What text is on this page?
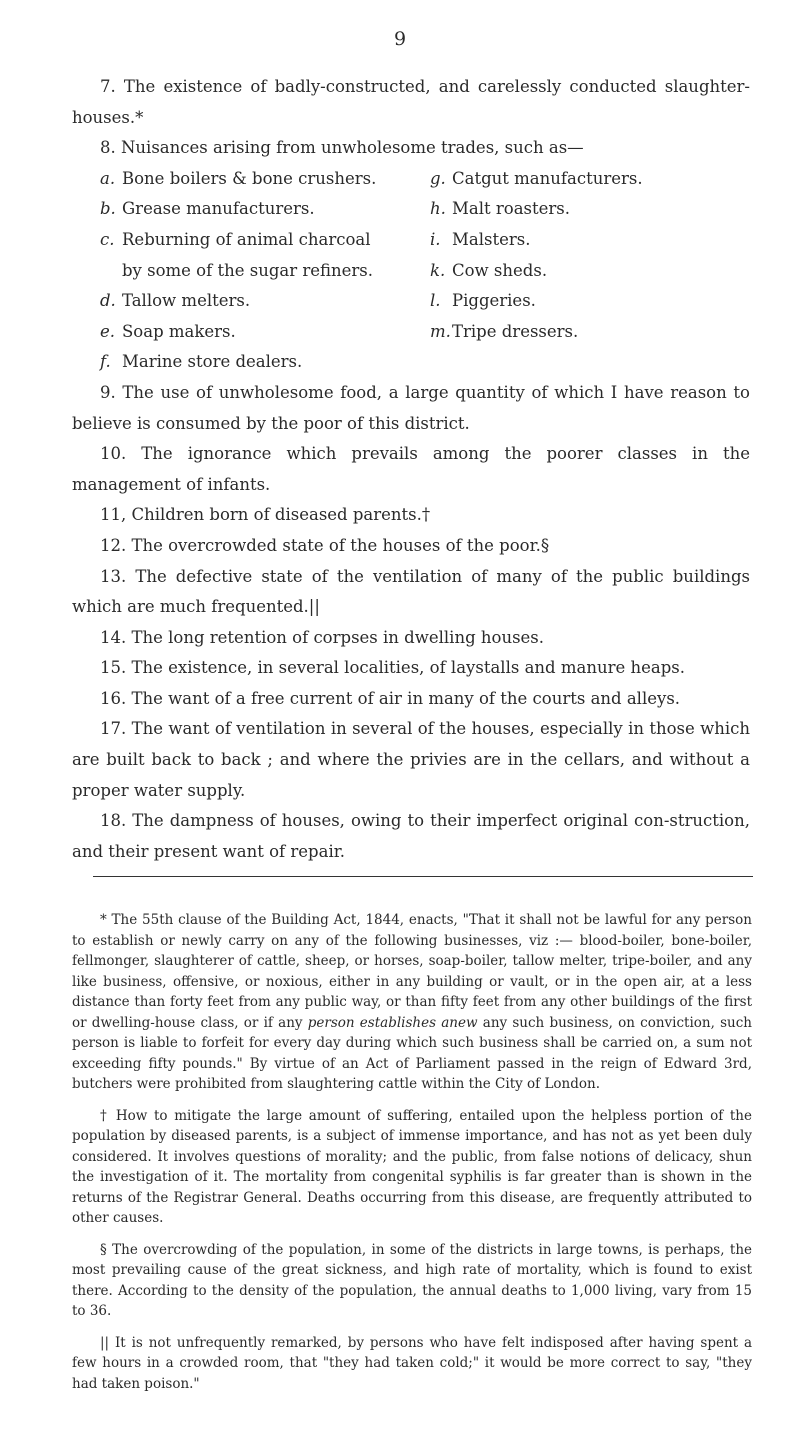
9

7. The existence of badly-constructed, and carelessly conducted slaughter-houses.*

8. Nuisances arising from unwholesome trades, such as—

a. Bone boilers & bone crushers.	g. Catgut manufacturers.

b. Grease manufacturers.	h. Malt roasters.

c. Reburning of animal charcoal	i. Malsters.

by some of the sugar refiners.	k. Cow sheds.

d. Tallow melters.	l. Piggeries.

e. Soap makers.	m.Tripe dressers.

f. Marine store dealers.

9. The use of unwholesome food, a large quantity of which I have reason to believe is consumed by the poor of this district.

10. The ignorance which prevails among the poorer classes in the management of infants.

11, Children born of diseased parents.†

12. The overcrowded state of the houses of the poor.§

13. The defective state of the ventilation of many of the public buildings which are much frequented.||

14. The long retention of corpses in dwelling houses.

15. The existence, in several localities, of laystalls and manure heaps.

16. The want of a free current of air in many of the courts and alleys.

17. The want of ventilation in several of the houses, especially in those which are built back to back ; and where the privies are in the cellars, and without a proper water supply.

18. The dampness of houses, owing to their imperfect original con-struction, and their present want of repair.

* The 55th clause of the Building Act, 1844, enacts, "That it shall not be lawful for any person to establish or newly carry on any of the following businesses, viz :— blood-boiler, bone-boiler, fellmonger, slaughterer of cattle, sheep, or horses, soap-boiler, tallow melter, tripe-boiler, and any like business, offensive, or noxious, either in any building or vault, or in the open air, at a less distance than forty feet from any public way, or than fifty feet from any other buildings of the first or dwelling-house class, or if any person establishes anew any such business, on conviction, such person is liable to forfeit for every day during which such business shall be carried on, a sum not exceeding fifty pounds." By virtue of an Act of Parliament passed in the reign of Edward 3rd, butchers were prohibited from slaughtering cattle within the City of London.

† How to mitigate the large amount of suffering, entailed upon the helpless portion of the population by diseased parents, is a subject of immense importance, and has not as yet been duly considered. It involves questions of morality; and the public, from false notions of delicacy, shun the investigation of it. The mortality from congenital syphilis is far greater than is shown in the returns of the Registrar General. Deaths occurring from this disease, are frequently attributed to other causes.

§ The overcrowding of the population, in some of the districts in large towns, is perhaps, the most prevailing cause of the great sickness, and high rate of mortality, which is found to exist there. According to the density of the population, the annual deaths to 1,000 living, vary from 15 to 36.

|| It is not unfrequently remarked, by persons who have felt indisposed after having spent a few hours in a crowded room, that "they had taken cold;" it would be more correct to say, "they had taken poison."
